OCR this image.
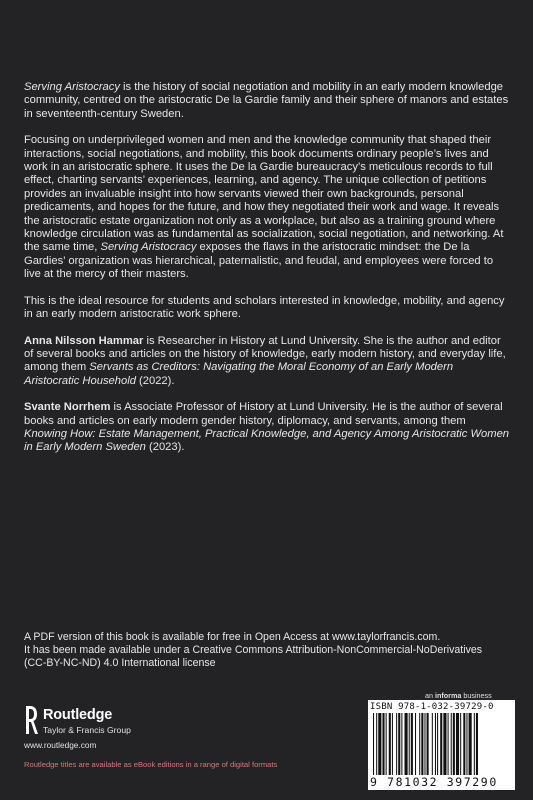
Serving Aristocracy is the history of social negotiation and mobility in an early modern knowledge community, centred on the aristocratic De la Gardie family and their sphere of manors and estates in seventeenth-century Sweden.

Focusing on underprivileged women and men and the knowledge community that shaped their interactions, social negotiations, and mobility, this book documents ordinary people’s lives and work in an aristocratic sphere. It uses the De la Gardie bureaucracy’s meticulous records to full effect, charting servants’ experiences, learning, and agency. The unique collection of petitions provides an invaluable insight into how servants viewed their own backgrounds, personal predicaments, and hopes for the future, and how they negotiated their work and wage. It reveals the aristocratic estate organization not only as a workplace, but also as a training ground where knowledge circulation was as fundamental as socialization, social negotiation, and networking. At the same time, Serving Aristocracy exposes the flaws in the aristocratic mindset: the De la Gardies’ organization was hierarchical, paternalistic, and feudal, and employees were forced to live at the mercy of their masters.

This is the ideal resource for students and scholars interested in knowledge, mobility, and agency in an early modern aristocratic work sphere.

Anna Nilsson Hammar is Researcher in History at Lund University. She is the author and editor of several books and articles on the history of knowledge, early modern history, and everyday life, among them Servants as Creditors: Navigating the Moral Economy of an Early Modern Aristocratic Household (2022).

Svante Norrhem is Associate Professor of History at Lund University. He is the author of several books and articles on early modern gender history, diplomacy, and servants, among them Knowing How: Estate Management, Practical Knowledge, and Agency Among Aristocratic Women in Early Modern Sweden (2023).

A PDF version of this book is available for free in Open Access at www.taylorfrancis.com.
It has been made available under a Creative Commons Attribution-NonCommercial-NoDerivatives
(CC-BY-NC-ND) 4.0 International license
an informa business
Routledge
Taylor & Francis Group
www.routledge.com
Routledge titles are available as eBook editions in a range of digital formats
ISBN 978-1-032-39729-0
9 781032 397290
